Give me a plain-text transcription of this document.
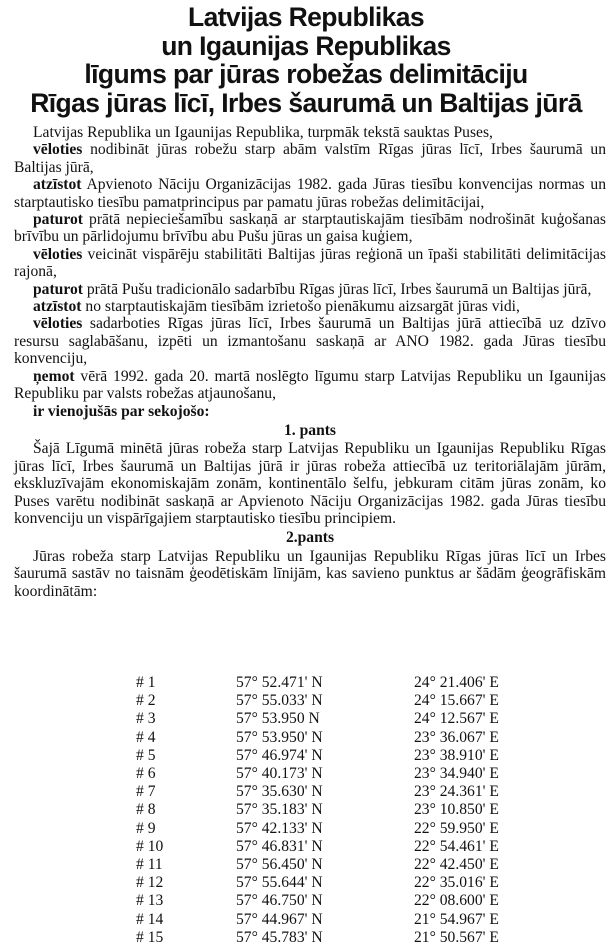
Latvijas Republikas
un Igaunijas Republikas
līgums par jūras robežas delimitāciju
Rīgas jūras līcī, Irbes šaurumā un Baltijas jūrā

Latvijas Republika un Igaunijas Republika, turpmāk tekstā sauktas Puses,

vēloties nodibināt jūras robežu starp abām valstīm Rīgas jūras līcī, Irbes šaurumā un Baltijas jūrā,

atzīstot Apvienoto Nāciju Organizācijas 1982. gada Jūras tiesību konvencijas normas un starptautisko tiesību pamatprincipus par pamatu jūras robežas delimitācijai,

paturot prātā nepieciešamību saskaņā ar starptautiskajām tiesībām nodrošināt kuģošanas brīvību un pārlidojumu brīvību abu Pušu jūras un gaisa kuģiem,

vēloties veicināt vispārēju stabilitāti Baltijas jūras reģionā un īpaši stabilitāti delimitācijas rajonā,

paturot prātā Pušu tradicionālo sadarbību Rīgas jūras līcī, Irbes šaurumā un Baltijas jūrā,

atzīstot no starptautiskajām tiesībām izrietošo pienākumu aizsargāt jūras vidi,

vēloties sadarboties Rīgas jūras līcī, Irbes šaurumā un Baltijas jūrā attiecībā uz dzīvo resursu saglabāšanu, izpēti un izmantošanu saskaņā ar ANO 1982. gada Jūras tiesību konvenciju,

ņemot vērā 1992. gada 20. martā noslēgto līgumu starp Latvijas Republiku un Igaunijas Republiku par valsts robežas atjaunošanu,

ir vienojušās par sekojošo:

1. pants

Šajā Līgumā minētā jūras robeža starp Latvijas Republiku un Igaunijas Republiku Rīgas jūras līcī, Irbes šaurumā un Baltijas jūrā ir jūras robeža attiecībā uz teritoriālajām jūrām, ekskluzīvajām ekonomiskajām zonām, kontinentālo šelfu, jebkuram citām jūras zonām, ko Puses varētu nodibināt saskaņā ar Apvienoto Nāciju Organizācijas 1982. gada Jūras tiesību konvenciju un vispārīgajiem starptautisko tiesību principiem.

2.pants

Jūras robeža starp Latvijas Republiku un Igaunijas Republiku Rīgas jūras līcī un Irbes šaurumā sastāv no taisnām ģeodētiskām līnijām, kas savieno punktus ar šādām ģeogrāfiskām koordinātām:

# 1	57° 52.471' N	24° 21.406' E
# 2	57° 55.033' N	24° 15.667' E
# 3	57° 53.950 N	24° 12.567' E
# 4	57° 53.950' N	23° 36.067' E
# 5	57° 46.974' N	23° 38.910' E
# 6	57° 40.173' N	23° 34.940' E
# 7	57° 35.630' N	23° 24.361' E
# 8	57° 35.183' N	23° 10.850' E
# 9	57° 42.133' N	22° 59.950' E
# 10	57° 46.831' N	22° 54.461' E
# 11	57° 56.450' N	22° 42.450' E
# 12	57° 55.644' N	22° 35.016' E
# 13	57° 46.750' N	22° 08.600' E
# 14	57° 44.967' N	21° 54.967' E
# 15	57° 45.783' N	21° 50.567' E
